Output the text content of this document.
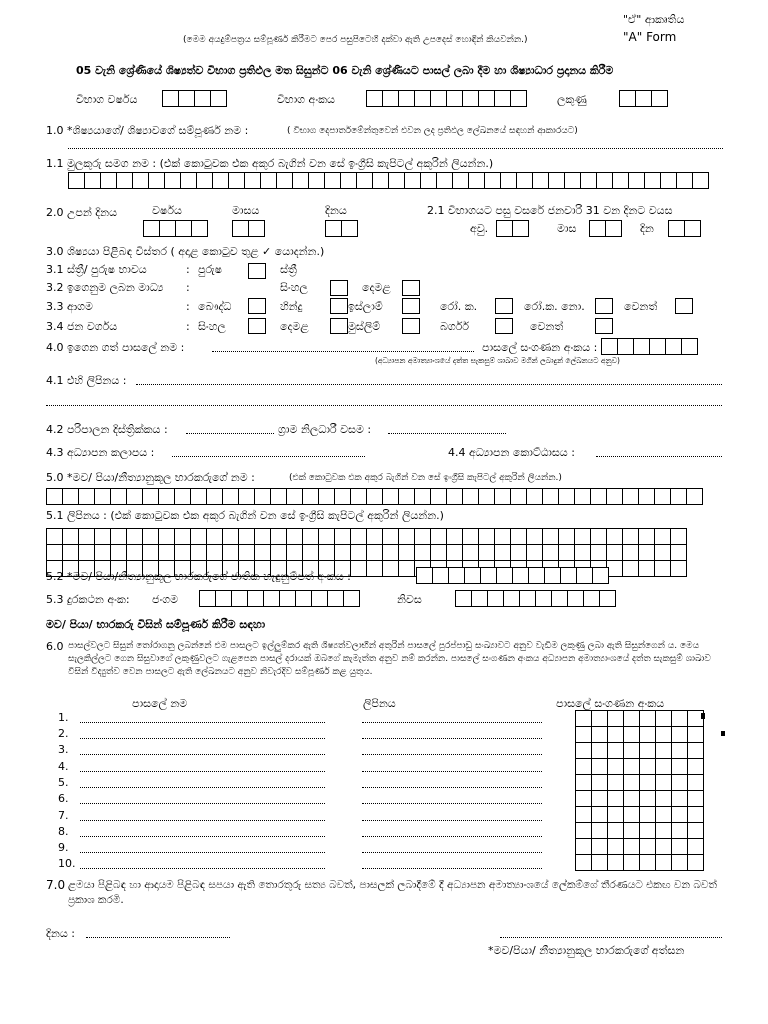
"ඒ" ආකෘතිය
"A" Form
(මෙම අයදුම්පත්‍රය සම්පූර්ණ කිරීමට පෙර පසුපිටෙහි දක්වා ඇති උපදෙස් හොඳින් කියවන්න.)
05 වැනි ශ්‍රේණියේ ශිෂ්‍යත්ව විභාග ප්‍රතිඵල මත සිසුන්ට 06 වැනි ශ්‍රේණියට පාසල් ලබා දීම හා ශිෂ්‍යාධාර ප්‍රදානය කිරීම
විභාග වර්ෂය	විභාග අංකය	ලකුණු
1.0 *ශිෂ්‍යයාගේ/ ශිෂ්‍යාවගේ සම්පූර්ණ නම :	( විභාග දෙපාර්තමේන්තුවෙන් එවන ලද ප්‍රතිඵල ලේඛනයේ සඳහන් ආකාරයට)
1.1 මුලකුරු සමග නම : (එක් කොටුවක එක අකුර බැගින් වන සේ ඉංග්‍රීසි කැපිටල් අකුරින් ලියන්න.)
2.0 උපන් දිනය	වර්ෂය	මාසය	දිනය	2.1 විභාගයට පසු වසරේ ජනවාරි 31 වන දිනට වයස
අවු.	මාස	දින
3.0 ශිෂ්‍යයා පිළිබඳ විස්තර ( අදාළ කොටුව තුළ ✓ යොදන්න.)
3.1 ස්ත්‍රී/ පුරුෂ භාවය	: පුරුෂ	ස්ත්‍රී
3.2 ඉගෙනුම ලබන මාධ්‍ය :	සිංහල	දෙමළ
3.3 ආගම	: බෞද්ධ	හින්දු	ඉස්ලාම්	රෝ. ක.	රෝ.ක. නො.	වෙනත්
3.4 ජන වර්ගය	: සිංහල	දෙමළ	මුස්ලිම්	බර්ගර්	වෙනත්
4.0 ඉගෙන ගත් පාසලේ නම :	පාසලේ සංගණන අංකය :
(අධ්‍යාපන අමාත්‍යාංශයේ දත්ත සැකසුම් ශාඛාව මගින් ලබාදුන් ලේඛනයට අනුව)
4.1 එහි ලිපිනය :
4.2 පරිපාලන දිස්ත්‍රික්කය :	ග්‍රාම නිලධාරී වසම :
4.3 අධ්‍යාපන කලාපය :	4.4 අධ්‍යාපන කොට්ඨාසය :
5.0 *මව/ පියා/නීත්‍යානුකූල භාරකරුගේ නම :	(එක් කොටුවක එක අකුර බැගින් වන සේ ඉංග්‍රීසි කැපිටල් අකුරින් ලියන්න.)
5.1 ලිපිනය : (එක් කොටුවක එක අකුර බැගින් වන සේ ඉංග්‍රීසි කැපිටල් අකුරින් ලියන්න.)
5.2 *මව/ පියා/නීත්‍යානුකූල භාරකරුගේ ජාතික හැඳුනුම්පත් අංකය :
5.3 දුරකථන අංක: ජංගම	නිවස
මව/ පියා/ භාරකරු විසින් සම්පූර්ණ කිරීම සඳහා
6.0 පාසල්වලට සිසුන් තෝරාගනු ලබන්නේ එම පාසලට ඉල්ලුම්කර ඇති ශිෂ්‍යත්වලාභීන් අතුරින් පාසලේ පුරප්පාඩු සංඛ්‍යාවට අනුව වැඩිම ලකුණු ලබා ඇති සිසුන්ගෙන් ය. මෙය සැලකිල්ලට ගෙන සිසුවාගේ ලකුණුවලට ගැළපෙන පාසල් දරායක් ඔබගේ කැමැත්ත අනුව නම් කරන්න. පාසලේ සංගණන අංකය අධ්‍යාපන අමාත්‍යාංශයේ දත්ත සැකසුම් ශාඛාව විසින් විද්‍යුත්ව වෙන පාසලට ඇති ලේඛනයට අනුව නිවැරදිව සම්පූර්ණ කළ යුතුය.
පාසලේ නම	ලිපිනය	පාසලේ සංගණන අංකය
1.
2.
3.
4.
5.
6.
7.
8.
9.
10.
7.0 ළමයා පිළිබඳ හා ආදායම පිළිබඳ සපයා ඇති තොරතුරු සත්‍ය බවත්, පාසලක් ලබාදීමේ දී අධ්‍යාපන අමාත්‍යාංශයේ ලේකම්ගේ තීරණයට එකඟ වන බවත් ප්‍රකාශ කරමි.
දිනය :
*මව/පියා/ නීත්‍යානුකූල භාරකරුගේ අත්සන
